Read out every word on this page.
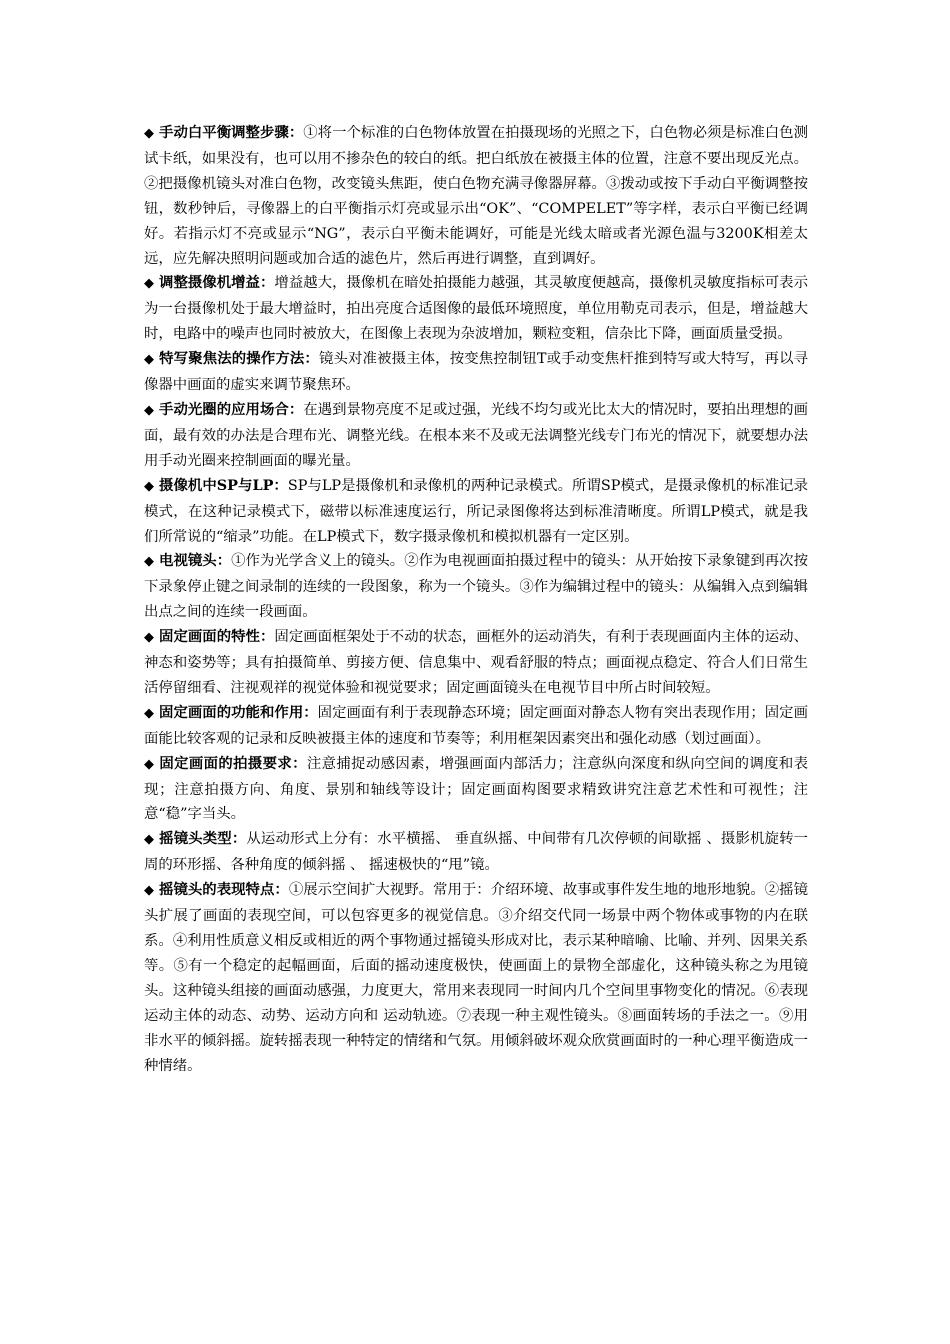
◆ 手动白平衡调整步骤：①将一个标准的白色物体放置在拍摄现场的光照之下，白色物必须是标准白色测试卡纸，如果没有，也可以用不掺杂色的较白的纸。把白纸放在被摄主体的位置，注意不要出现反光点。②把摄像机镜头对准白色物，改变镜头焦距，使白色物充满寻像器屏幕。③拨动或按下手动白平衡调整按钮，数秒钟后，寻像器上的白平衡指示灯亮或显示出“OK”、“COMPELET”等字样，表示白平衡已经调好。若指示灯不亮或显示“NG”，表示白平衡未能调好，可能是光线太暗或者光源色温与3200K相差太远，应先解决照明问题或加合适的滤色片，然后再进行调整，直到调好。

◆ 调整摄像机增益：增益越大，摄像机在暗处拍摄能力越强，其灵敏度便越高，摄像机灵敏度指标可表示为一台摄像机处于最大增益时，拍出亮度合适图像的最低环境照度，单位用勒克司表示，但是，增益越大时，电路中的噪声也同时被放大，在图像上表现为杂波增加，颗粒变粗，信杂比下降，画面质量受损。

◆ 特写聚焦法的操作方法：镜头对准被摄主体，按变焦控制钮T或手动变焦杆推到特写或大特写，再以寻像器中画面的虚实来调节聚焦环。

◆ 手动光圈的应用场合：在遇到景物亮度不足或过强，光线不均匀或光比太大的情况时，要拍出理想的画面，最有效的办法是合理布光、调整光线。在根本来不及或无法调整光线专门布光的情况下，就要想办法用手动光圈来控制画面的曝光量。

◆ 摄像机中SP与LP：SP与LP是摄像机和录像机的两种记录模式。所谓SP模式，是摄录像机的标准记录模式，在这种记录模式下，磁带以标准速度运行，所记录图像将达到标准清晰度。所谓LP模式，就是我们所常说的“缩录”功能。在LP模式下，数字摄录像机和模拟机器有一定区别。

◆ 电视镜头：①作为光学含义上的镜头。②作为电视画面拍摄过程中的镜头：从开始按下录象键到再次按下录象停止键之间录制的连续的一段图象，称为一个镜头。③作为编辑过程中的镜头：从编辑入点到编辑出点之间的连续一段画面。

◆ 固定画面的特性：固定画面框架处于不动的状态，画框外的运动消失，有利于表现画面内主体的运动、神态和姿势等；具有拍摄简单、剪接方便、信息集中、观看舒服的特点；画面视点稳定、符合人们日常生活停留细看、注视观祥的视觉体验和视觉要求；固定画面镜头在电视节目中所占时间较短。

◆ 固定画面的功能和作用：固定画面有利于表现静态环境；固定画面对静态人物有突出表现作用；固定画面能比较客观的记录和反映被摄主体的速度和节奏等；利用框架因素突出和强化动感（划过画面）。

◆ 固定画面的拍摄要求：注意捕捉动感因素，增强画面内部活力；注意纵向深度和纵向空间的调度和表现；注意拍摄方向、角度、景别和轴线等设计；固定画面构图要求精致讲究注意艺术性和可视性；注意“稳”字当头。

◆ 摇镜头类型：从运动形式上分有：水平横摇、 垂直纵摇、中间带有几次停顿的间歇摇 、摄影机旋转一周的环形摇、各种角度的倾斜摇 、 摇速极快的“甩”镜。

◆ 摇镜头的表现特点：①展示空间扩大视野。常用于：介绍环境、故事或事件发生地的地形地貌。②摇镜头扩展了画面的表现空间，可以包容更多的视觉信息。③介绍交代同一场景中两个物体或事物的内在联系。④利用性质意义相反或相近的两个事物通过摇镜头形成对比，表示某种暗喻、比喻、并列、因果关系等。⑤有一个稳定的起幅画面，后面的摇动速度极快，使画面上的景物全部虚化，这种镜头称之为甩镜头。这种镜头组接的画面动感强，力度更大，常用来表现同一时间内几个空间里事物变化的情况。⑥表现运动主体的动态、动势、运动方向和 运动轨迹。⑦表现一种主观性镜头。⑧画面转场的手法之一。⑨用非水平的倾斜摇。旋转摇表现一种特定的情绪和气氛。用倾斜破坏观众欣赏画面时的一种心理平衡造成一种情绪。
